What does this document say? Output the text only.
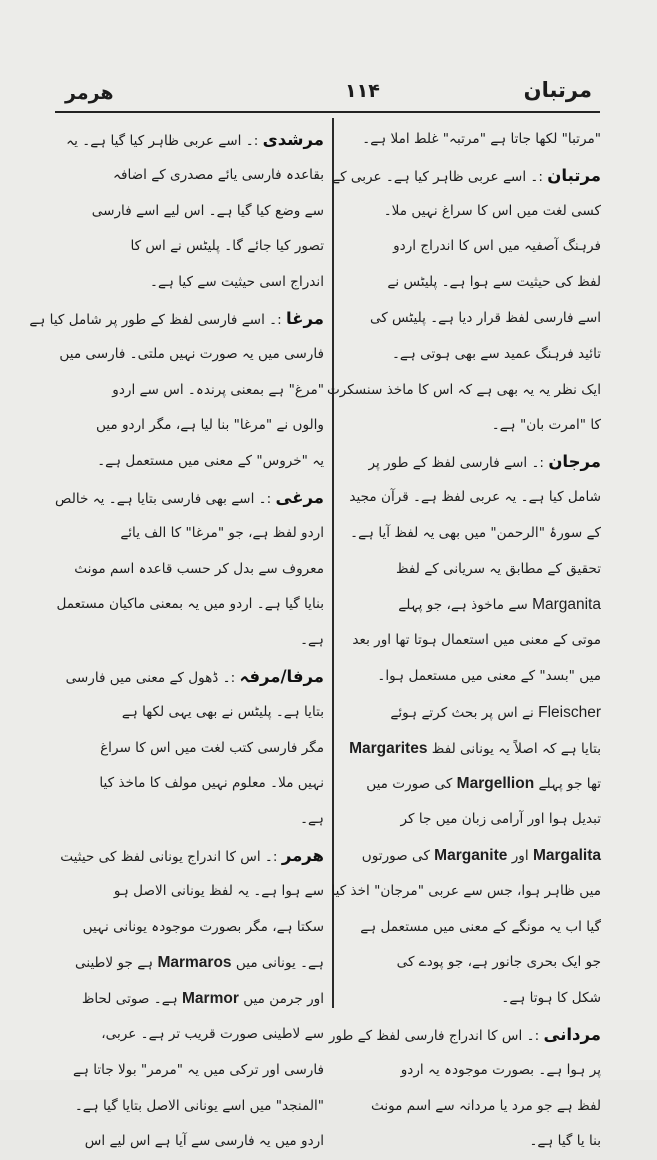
هرمر	۱۱۴	مرتبان
"مرتبا" لکھا جاتا ہے "مرتبہ" غلط املا ہے۔
مرتبان :۔ اسے عربی ظاہر کیا ہے۔ عربی کے
کسی لغت میں اس کا سراغ نہیں ملا۔
فرہنگ آصفیہ میں اس کا اندراج اردو
لفظ کی حیثیت سے ہوا ہے۔ پلیٹس نے
اسے فارسی لفظ قرار دیا ہے۔ پلیٹس کی
تائید فرہنگ عمید سے بھی ہوتی ہے۔
ایک نظر یہ یہ بھی ہے کہ اس کا ماخذ سنسکرت
کا "امرت بان" ہے۔
مرجان :۔ اسے فارسی لفظ کے طور پر
شامل کیا ہے۔ یہ عربی لفظ ہے۔ قرآن مجید
کے سورۂ "الرحمن" میں بھی یہ لفظ آیا ہے۔
تحقیق کے مطابق یہ سریانی کے لفظ
Marganita سے ماخوذ ہے، جو پہلے
موتی کے معنی میں استعمال ہوتا تھا اور بعد
میں "بسد" کے معنی میں مستعمل ہوا۔
Fleischer نے اس پر بحث کرتے ہوئے
بتایا ہے کہ اصلاً یہ یونانی لفظ Margarites
تھا جو پہلے Margellion کی صورت میں
تبدیل ہوا اور آرامی زبان میں جا کر
Margalita اور Marganite کی صورتوں
میں ظاہر ہوا، جس سے عربی "مرجان" اخذ کیا
گیا اب یہ مونگے کے معنی میں مستعمل ہے
جو ایک بحری جانور ہے، جو پودے کی
شکل کا ہوتا ہے۔
مردانی :۔ اس کا اندراج فارسی لفظ کے طور
پر ہوا ہے۔ بصورت موجودہ یہ اردو
لفظ ہے جو مرد یا مردانہ سے اسم مونث
بنا یا گیا ہے۔
مرشدی :۔ اسے عربی ظاہر کیا گیا ہے۔ یہ
بقاعدہ فارسی یائے مصدری کے اضافہ
سے وضع کیا گیا ہے۔ اس لیے اسے فارسی
تصور کیا جائے گا۔ پلیٹس نے اس کا
اندراج اسی حیثیت سے کیا ہے۔
مرغا :۔ اسے فارسی لفظ کے طور پر شامل کیا ہے
فارسی میں یہ صورت نہیں ملتی۔ فارسی میں
"مرغ" ہے بمعنی پرندہ۔ اس سے اردو
والوں نے "مرغا" بنا لیا ہے، مگر اردو میں
یہ "خروس" کے معنی میں مستعمل ہے۔
مرغی :۔ اسے بھی فارسی بتایا ہے۔ یہ خالص
اردو لفظ ہے، جو "مرغا" کا الف یائے
معروف سے بدل کر حسب قاعدہ اسم مونث
بنایا گیا ہے۔ اردو میں یہ بمعنی ماکیان مستعمل
ہے۔
مرفا/مرفہ :۔ ڈھول کے معنی میں فارسی
بتایا ہے۔ پلیٹس نے بھی یہی لکھا ہے
مگر فارسی کتب لغت میں اس کا سراغ
نہیں ملا۔ معلوم نہیں مولف کا ماخذ کیا
ہے۔
هرمر :۔ اس کا اندراج یونانی لفظ کی حیثیت
سے ہوا ہے۔ یہ لفظ یونانی الاصل ہو
سکتا ہے، مگر بصورت موجودہ یونانی نہیں
ہے۔ یونانی میں Marmaros ہے جو لاطینی
اور جرمن میں Marmor ہے۔ صوتی لحاظ
سے لاطینی صورت قریب تر ہے۔ عربی،
فارسی اور ترکی میں یہ "مرمر" بولا جاتا ہے
"المنجد" میں اسے یونانی الاصل بتایا گیا ہے۔
اردو میں یہ فارسی سے آیا ہے اس لیے اس
